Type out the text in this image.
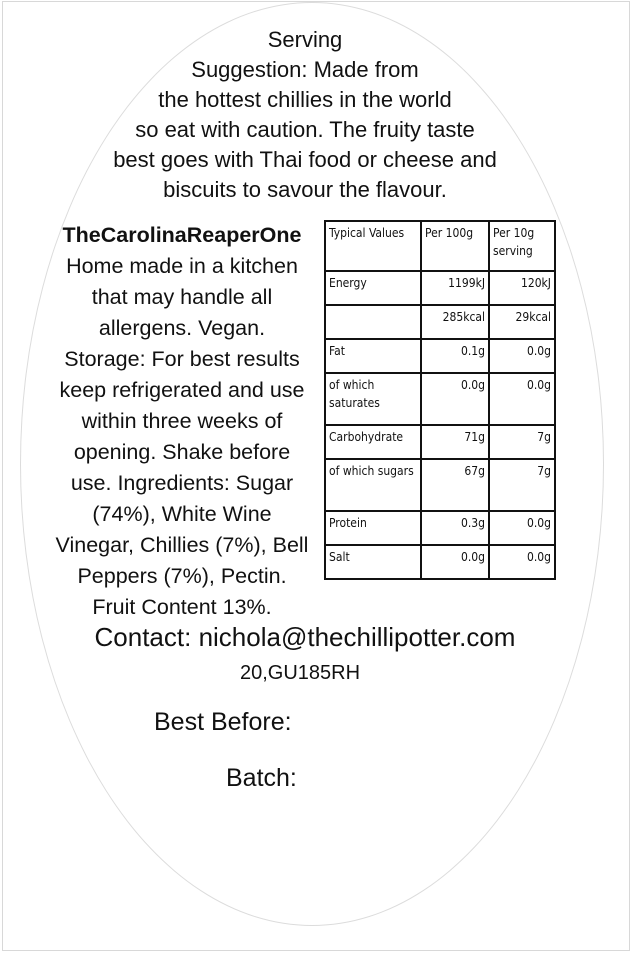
Serving
Suggestion: Made from
the hottest chillies in the world
so eat with caution. The fruity taste
best goes with Thai food or cheese and
biscuits to savour the flavour.
TheCarolinaReaperOne
Home made in a kitchen
that may handle all
allergens. Vegan.
Storage: For best results
keep refrigerated and use
within three weeks of
opening. Shake before
use. Ingredients: Sugar
(74%), White Wine
Vinegar, Chillies (7%), Bell
Peppers (7%), Pectin.
Fruit Content 13%.
Typical Values	Per 100g	Per 10g serving
Energy	1199kJ	120kJ
	285kcal	29kcal
Fat	0.1g	0.0g
of which saturates	0.0g	0.0g
Carbohydrate	71g	7g
of which sugars	67g	7g
Protein	0.3g	0.0g
Salt	0.0g	0.0g
Contact: nichola@thechillipotter.com
20,GU185RH
Best Before:
Batch:
